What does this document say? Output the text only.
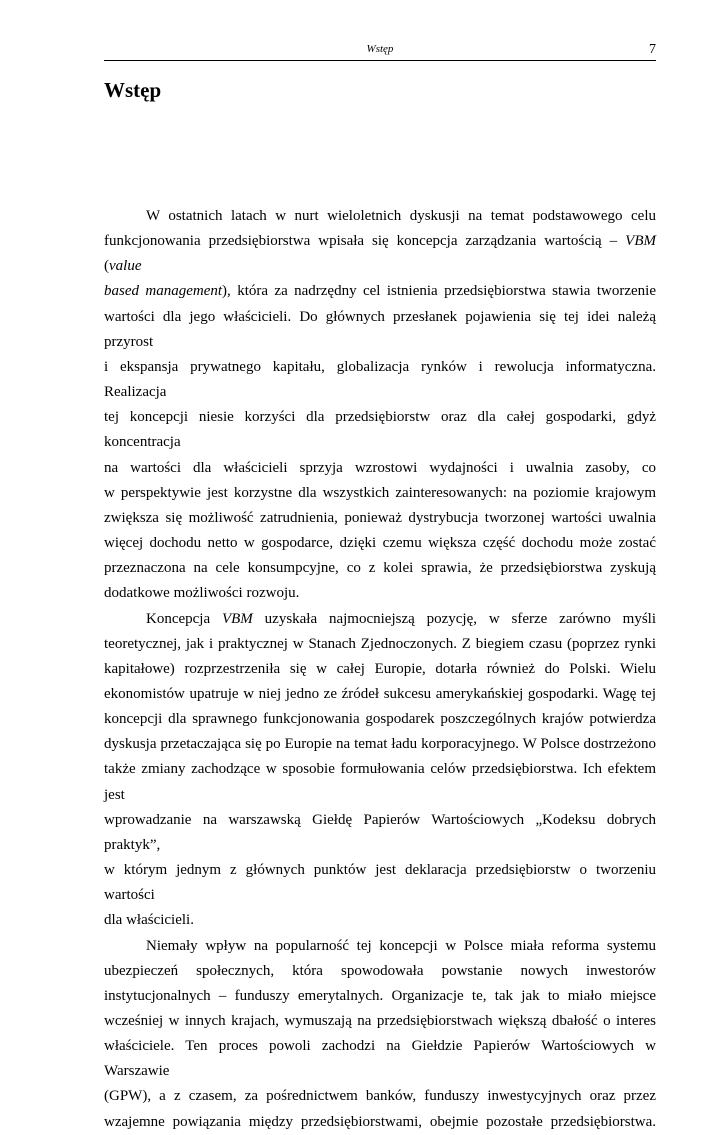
Wstęp	7
Wstęp

W ostatnich latach w nurt wieloletnich dyskusji na temat podstawowego celu
funkcjonowania przedsiębiorstwa wpisała się koncepcja zarządzania wartością – VBM (value
based management), która za nadrzędny cel istnienia przedsiębiorstwa stawia tworzenie
wartości dla jego właścicieli. Do głównych przesłanek pojawienia się tej idei należą przyrost
i ekspansja prywatnego kapitału, globalizacja rynków i rewolucja informatyczna. Realizacja
tej koncepcji niesie korzyści dla przedsiębiorstw oraz dla całej gospodarki, gdyż koncentracja
na wartości dla właścicieli sprzyja wzrostowi wydajności i uwalnia zasoby, co
w perspektywie jest korzystne dla wszystkich zainteresowanych: na poziomie krajowym
zwiększa się możliwość zatrudnienia, ponieważ dystrybucja tworzonej wartości uwalnia
więcej dochodu netto w gospodarce, dzięki czemu większa część dochodu może zostać
przeznaczona na cele konsumpcyjne, co z kolei sprawia, że przedsiębiorstwa zyskują
dodatkowe możliwości rozwoju.

Koncepcja VBM uzyskała najmocniejszą pozycję, w sferze zarówno myśli
teoretycznej, jak i praktycznej w Stanach Zjednoczonych. Z biegiem czasu (poprzez rynki
kapitałowe) rozprzestrzeniła się w całej Europie, dotarła również do Polski. Wielu
ekonomistów upatruje w niej jedno ze źródeł sukcesu amerykańskiej gospodarki. Wagę tej
koncepcji dla sprawnego funkcjonowania gospodarek poszczególnych krajów potwierdza
dyskusja przetaczająca się po Europie na temat ładu korporacyjnego. W Polsce dostrzeżono
także zmiany zachodzące w sposobie formułowania celów przedsiębiorstwa. Ich efektem jest
wprowadzanie na warszawską Giełdę Papierów Wartościowych „Kodeksu dobrych praktyk”,
w którym jednym z głównych punktów jest deklaracja przedsiębiorstw o tworzeniu wartości
dla właścicieli.

Niemały wpływ na popularność tej koncepcji w Polsce miała reforma systemu
ubezpieczeń społecznych, która spowodowała powstanie nowych inwestorów
instytucjonalnych – funduszy emerytalnych. Organizacje te, tak jak to miało miejsce
wcześniej w innych krajach, wymuszają na przedsiębiorstwach większą dbałość o interes
właściciele. Ten proces powoli zachodzi na Giełdzie Papierów Wartościowych w Warszawie
(GPW), a z czasem, za pośrednictwem banków, funduszy inwestycyjnych oraz przez
wzajemne powiązania między przedsiębiorstwami, obejmie pozostałe przedsiębiorstwa.
